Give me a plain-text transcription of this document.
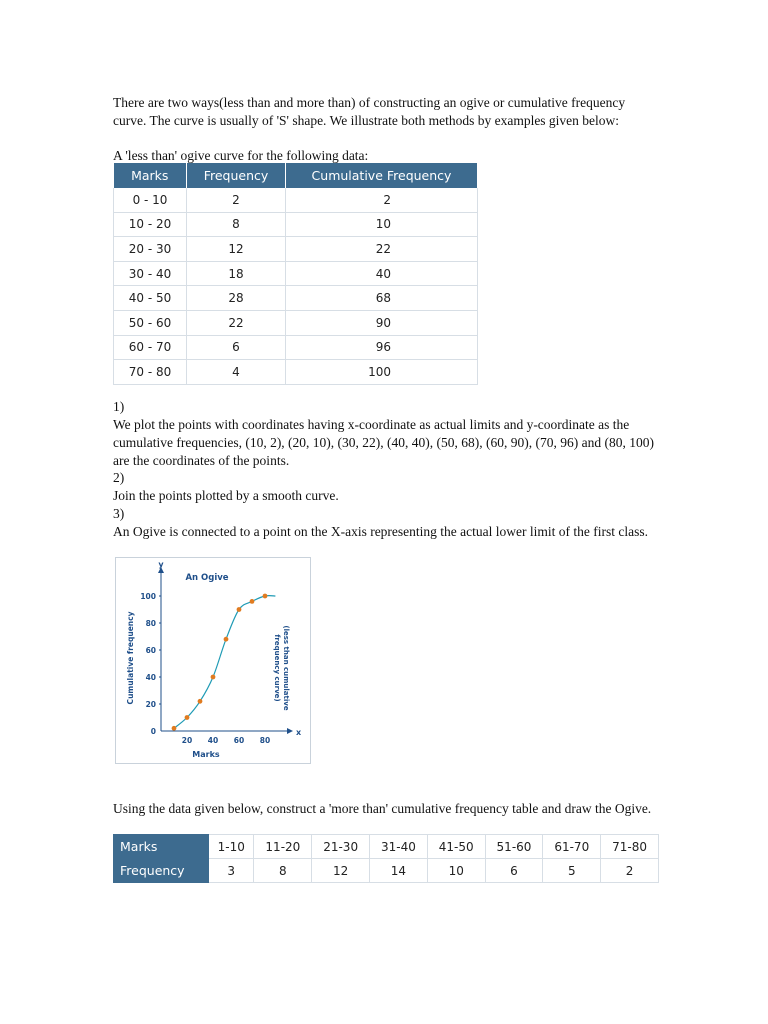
There are two ways(less than and more than) of constructing an ogive or cumulative frequency curve. The curve is usually of 'S' shape. We illustrate both methods by examples given below:

A 'less than' ogive curve for the following data:

Marks	Frequency	Cumulative Frequency
0 - 10	2	2
10 - 20	8	10
20 - 30	12	22
30 - 40	18	40
40 - 50	28	68
50 - 60	22	90
60 - 70	6	96
70 - 80	4	100

1)

We plot the points with coordinates having x-coordinate as actual limits and y-coordinate as the cumulative frequencies, (10, 2), (20, 10), (30, 22), (40, 40), (50, 68), (60, 90), (70, 96) and (80, 100) are the coordinates of the points.

2)

Join the points plotted by a smooth curve.

3)

An Ogive is connected to a point on the X-axis representing the actual lower limit of the first class.

An Ogive
y
x
Marks
Cumulative frequency
0
20
40
60
80
100
20 40 60 80
(less than cumulativefrequency curve)

Using the data given below, construct a 'more than' cumulative frequency table and draw the Ogive.

Marks	1-10	11-20	21-30	31-40	41-50	51-60	61-70	71-80
Frequency	3	8	12	14	10	6	5	2
